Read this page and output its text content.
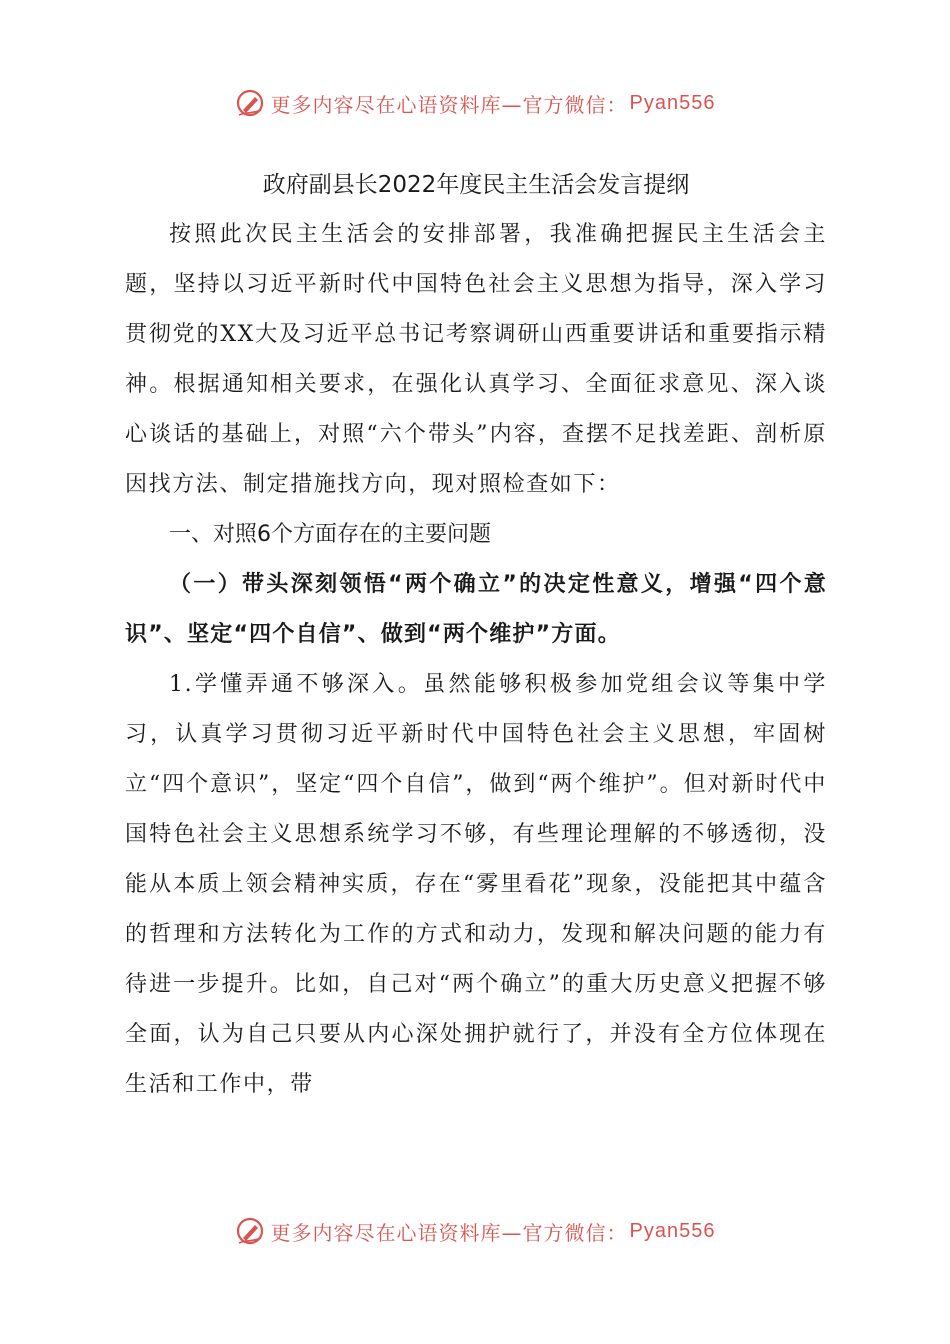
更多内容尽在心语资料库—官方微信： Pyan556
政府副县长2022年度民主生活会发言提纲

按照此次民主生活会的安排部署，我准确把握民主生活会主题，坚持以习近平新时代中国特色社会主义思想为指导，深入学习贯彻党的XX大及习近平总书记考察调研山西重要讲话和重要指示精神。根据通知相关要求，在强化认真学习、全面征求意见、深入谈心谈话的基础上，对照“六个带头”内容，查摆不足找差距、剖析原因找方法、制定措施找方向，现对照检查如下：

一、对照6个方面存在的主要问题

（一）带头深刻领悟“两个确立”的决定性意义，增强“四个意识”、坚定“四个自信”、做到“两个维护”方面。

1.学懂弄通不够深入。虽然能够积极参加党组会议等集中学习，认真学习贯彻习近平新时代中国特色社会主义思想，牢固树立“四个意识”，坚定“四个自信”，做到“两个维护”。但对新时代中国特色社会主义思想系统学习不够，有些理论理解的不够透彻，没能从本质上领会精神实质，存在“雾里看花”现象，没能把其中蕴含的哲理和方法转化为工作的方式和动力，发现和解决问题的能力有待进一步提升。比如，自己对“两个确立”的重大历史意义把握不够全面，认为自己只要从内心深处拥护就行了，并没有全方位体现在生活和工作中，带

更多内容尽在心语资料库—官方微信： Pyan556
